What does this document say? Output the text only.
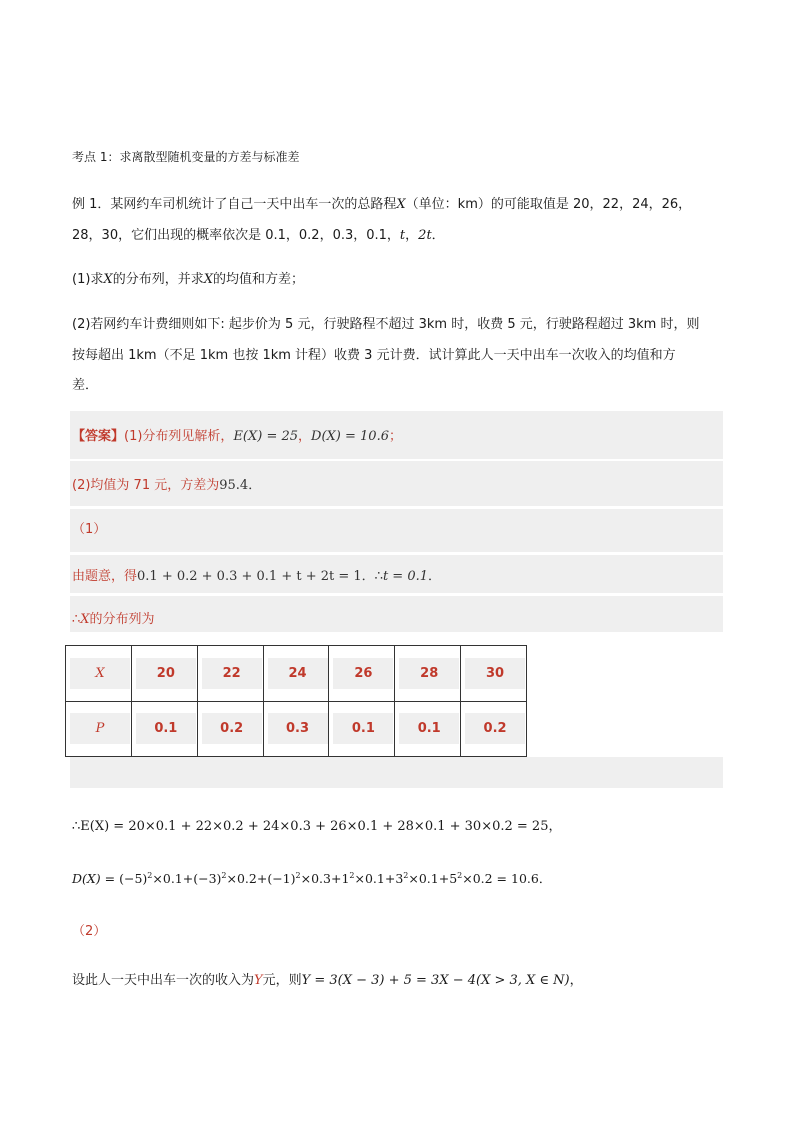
考点 1：求离散型随机变量的方差与标准差
例 1．某网约车司机统计了自己一天中出车一次的总路程X（单位：km）的可能取值是 20，22，24，26，
28，30，它们出现的概率依次是 0.1，0.2，0.3，0.1，t，2t．
(1)求X的分布列，并求X的均值和方差；
(2)若网约车计费细则如下: 起步价为 5 元，行驶路程不超过 3km 时，收费 5 元，行驶路程超过 3km 时，则
按每超出 1km（不足 1km 也按 1km 计程）收费 3 元计费．试计算此人一天中出车一次收入的均值和方
差．
【答案】(1)分布列见解析，E(X) = 25，D(X) = 10.6；
(2)均值为 71 元，方差为95.4．
（1）
由题意，得0.1 + 0.2 + 0.3 + 0.1 + t + 2t = 1．∴t = 0.1．
∴X的分布列为
X	20	22	24	26	28	30
P	0.1	0.2	0.3	0.1	0.1	0.2
∴E(X) = 20×0.1 + 22×0.2 + 24×0.3 + 26×0.1 + 28×0.1 + 30×0.2 = 25，
$D(X) = (-5)^2\times 0.1+(-3)^2\times 0.2+(-1)^2\times 0.3+1^2\times 0.1+3^2\times 0.1+5^2\times 0.2 = 10.6$．
（2）
设此人一天中出车一次的收入为Y元，则Y = 3(X − 3) + 5 = 3X − 4(X > 3, X ∈ N)，
